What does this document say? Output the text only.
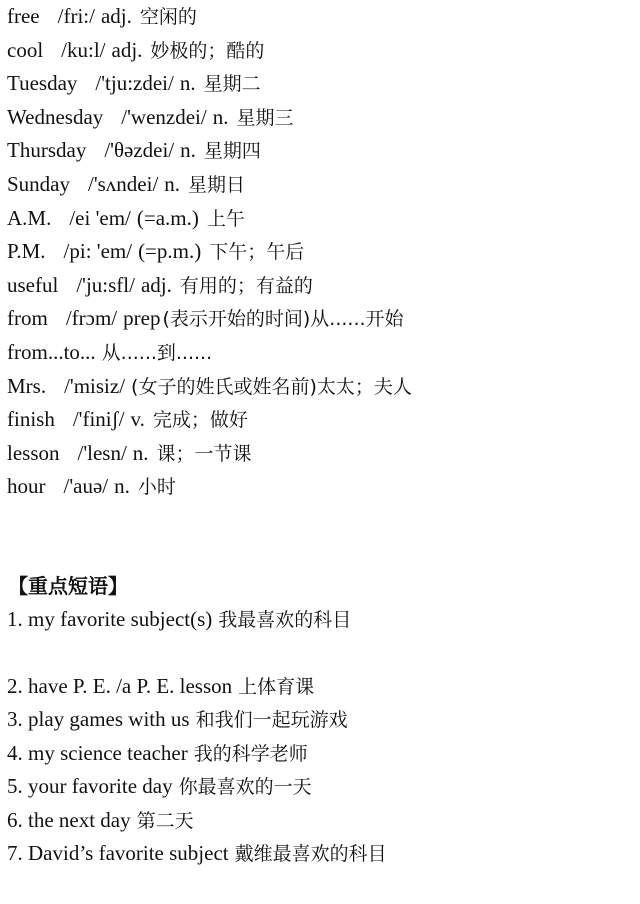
free /fri:/ adj. 空闲的
cool /ku:l/ adj. 妙极的；酷的
Tuesday /'tju:zdei/ n. 星期二
Wednesday /'wenzdei/ n. 星期三
Thursday /'θəzdei/ n. 星期四
Sunday /'sʌndei/ n. 星期日
A.M. /ei 'em/ (=a.m.) 上午
P.M. /pi: 'em/ (=p.m.) 下午；午后
useful /'ju:sfl/ adj. 有用的；有益的
from /frɔm/ prep (表示开始的时间)从......开始
from...to... 从......到......
Mrs. /'misiz/ (女子的姓氏或姓名前)太太；夫人
finish /'finiʃ/ v. 完成；做好
lesson /'lesn/ n. 课；一节课
hour /'auə/ n. 小时
【重点短语】
1. my favorite subject(s) 我最喜欢的科目
2. have P. E. /a P. E. lesson 上体育课
3. play games with us 和我们一起玩游戏
4. my science teacher 我的科学老师
5. your favorite day 你最喜欢的一天
6. the next day 第二天
7. David’s favorite subject 戴维最喜欢的科目
